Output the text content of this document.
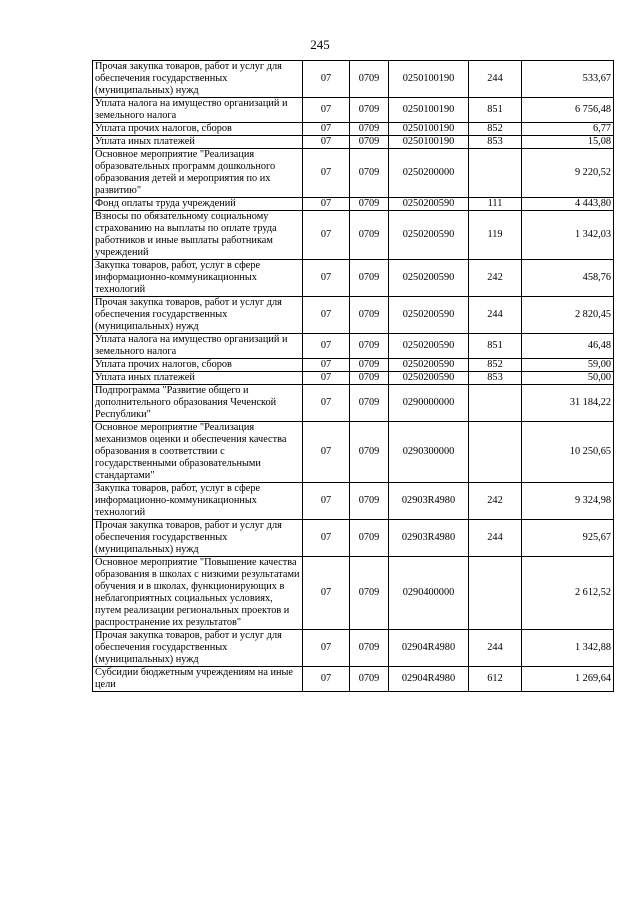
245
Прочая закупка товаров, работ и услуг для обеспечения государственных (муниципальных) нужд	07	0709	0250100190	244	533,67
Уплата налога на имущество организаций и земельного налога	07	0709	0250100190	851	6 756,48
Уплата прочих налогов, сборов	07	0709	0250100190	852	6,77
Уплата иных платежей	07	0709	0250100190	853	15,08
Основное мероприятие "Реализация образовательных программ дошкольного образования детей и мероприятия по их развитию"	07	0709	0250200000		9 220,52
Фонд оплаты труда учреждений	07	0709	0250200590	111	4 443,80
Взносы по обязательному социальному страхованию на выплаты по оплате труда работников и иные выплаты работникам учреждений	07	0709	0250200590	119	1 342,03
Закупка товаров, работ, услуг в сфере информационно-коммуникационных технологий	07	0709	0250200590	242	458,76
Прочая закупка товаров, работ и услуг для обеспечения государственных (муниципальных) нужд	07	0709	0250200590	244	2 820,45
Уплата налога на имущество организаций и земельного налога	07	0709	0250200590	851	46,48
Уплата прочих налогов, сборов	07	0709	0250200590	852	59,00
Уплата иных платежей	07	0709	0250200590	853	50,00
Подпрограмма "Развитие общего и дополнительного образования Чеченской Республики"	07	0709	0290000000		31 184,22
Основное мероприятие "Реализация механизмов оценки и обеспечения качества образования в соответствии с государственными образовательными стандартами"	07	0709	0290300000		10 250,65
Закупка товаров, работ, услуг в сфере информационно-коммуникационных технологий	07	0709	02903R4980	242	9 324,98
Прочая закупка товаров, работ и услуг для обеспечения государственных (муниципальных) нужд	07	0709	02903R4980	244	925,67
Основное мероприятие "Повышение качества образования в школах с низкими результатами обучения и в школах, функционирующих в неблагоприятных социальных условиях, путем реализации региональных проектов и распространение их результатов"	07	0709	0290400000		2 612,52
Прочая закупка товаров, работ и услуг для обеспечения государственных (муниципальных) нужд	07	0709	02904R4980	244	1 342,88
Субсидии бюджетным учреждениям на иные цели	07	0709	02904R4980	612	1 269,64
